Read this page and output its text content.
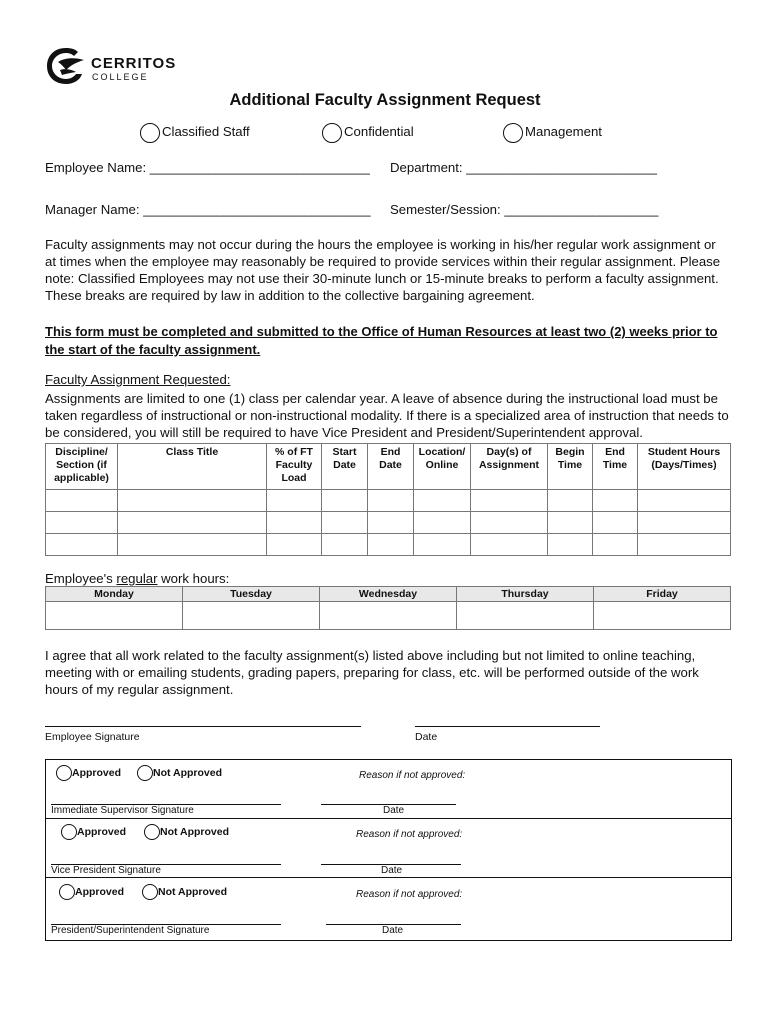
CERRITOS
COLLEGE
Additional Faculty Assignment Request
Classified Staff	Confidential	Management
Employee Name: ______________________________ Department: __________________________
Manager Name: _______________________________ Semester/Session: _____________________
Faculty assignments may not occur during the hours the employee is working in his/her regular work assignment or at times when the employee may reasonably be required to provide services within their regular assignment. Please note: Classified Employees may not use their 30-minute lunch or 15-minute breaks to perform a faculty assignment. These breaks are required by law in addition to the collective bargaining agreement.
This form must be completed and submitted to the Office of Human Resources at least two (2) weeks prior to the start of the faculty assignment.
Faculty Assignment Requested:
Assignments are limited to one (1) class per calendar year. A leave of absence during the instructional load must be taken regardless of instructional or non-instructional modality. If there is a specialized area of instruction that needs to be considered, you will still be required to have Vice President and President/Superintendent approval.
Discipline/ Section (if applicable)	Class Title	% of FT Faculty Load	Start Date	End Date	Location/ Online	Day(s) of Assignment	Begin Time	End Time	Student Hours (Days/Times)

Employee's regular work hours:
Monday	Tuesday	Wednesday	Thursday	Friday

I agree that all work related to the faculty assignment(s) listed above including but not limited to online teaching, meeting with or emailing students, grading papers, preparing for class, etc. will be performed outside of the work hours of my regular assignment.
Employee Signature	Date
Approved	Not Approved	Reason if not approved:
Immediate Supervisor Signature	Date
Approved	Not Approved	Reason if not approved:
Vice President Signature	Date
Approved	Not Approved	Reason if not approved:
President/Superintendent Signature	Date
